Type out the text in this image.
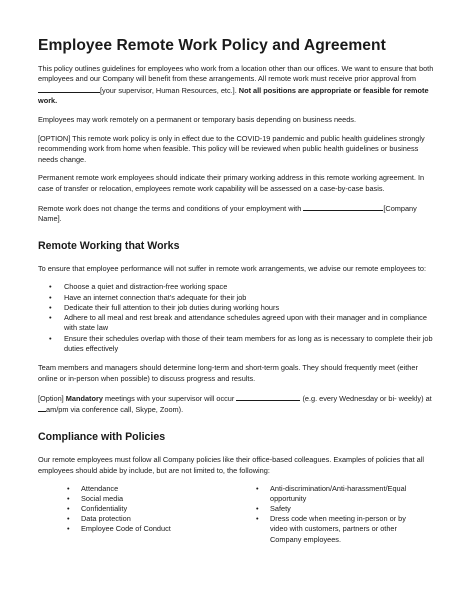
Employee Remote Work Policy and Agreement

This policy outlines guidelines for employees who work from a location other than our offices. We want to ensure that both employees and our Company will benefit from these arrangements. All remote work must receive prior approval from [your supervisor, Human Resources, etc.]. Not all positions are appropriate or feasible for remote work.

Employees may work remotely on a permanent or temporary basis depending on business needs.

[OPTION] This remote work policy is only in effect due to the COVID-19 pandemic and public health guidelines strongly recommending work from home when feasible. This policy will be reviewed when public health guidelines or business needs change.

Permanent remote work employees should indicate their primary working address in this remote working agreement. In case of transfer or relocation, employees remote work capability will be assessed on a case-by-case basis.

Remote work does not change the terms and conditions of your employment with	[Company Name].

Remote Working that Works

To ensure that employee performance will not suffer in remote work arrangements, we advise our remote employees to:

• Choose a quiet and distraction-free working space
• Have an internet connection that’s adequate for their job
• Dedicate their full attention to their job duties during working hours
• Adhere to all meal and rest break and attendance schedules agreed upon with their manager and in compliance with state law
• Ensure their schedules overlap with those of their team members for as long as is necessary to complete their job duties effectively

Team members and managers should determine long-term and short-term goals. They should frequently meet (either online or in-person when possible) to discuss progress and results.

[Option] Mandatory meetings with your supervisor will occur	(e.g. every Wednesday or bi- weekly) atam/pm via conference call, Skype, Zoom).

Compliance with Policies

Our remote employees must follow all Company policies like their office-based colleagues. Examples of policies that all employees should abide by include, but are not limited to, the following:

• Attendance
• Social media
• Confidentiality
• Data protection
• Employee Code of Conduct
• Anti-discrimination/Anti-harassment/Equal opportunity
• Safety
• Dress code when meeting in-person or by video with customers, partners or other Company employees.
